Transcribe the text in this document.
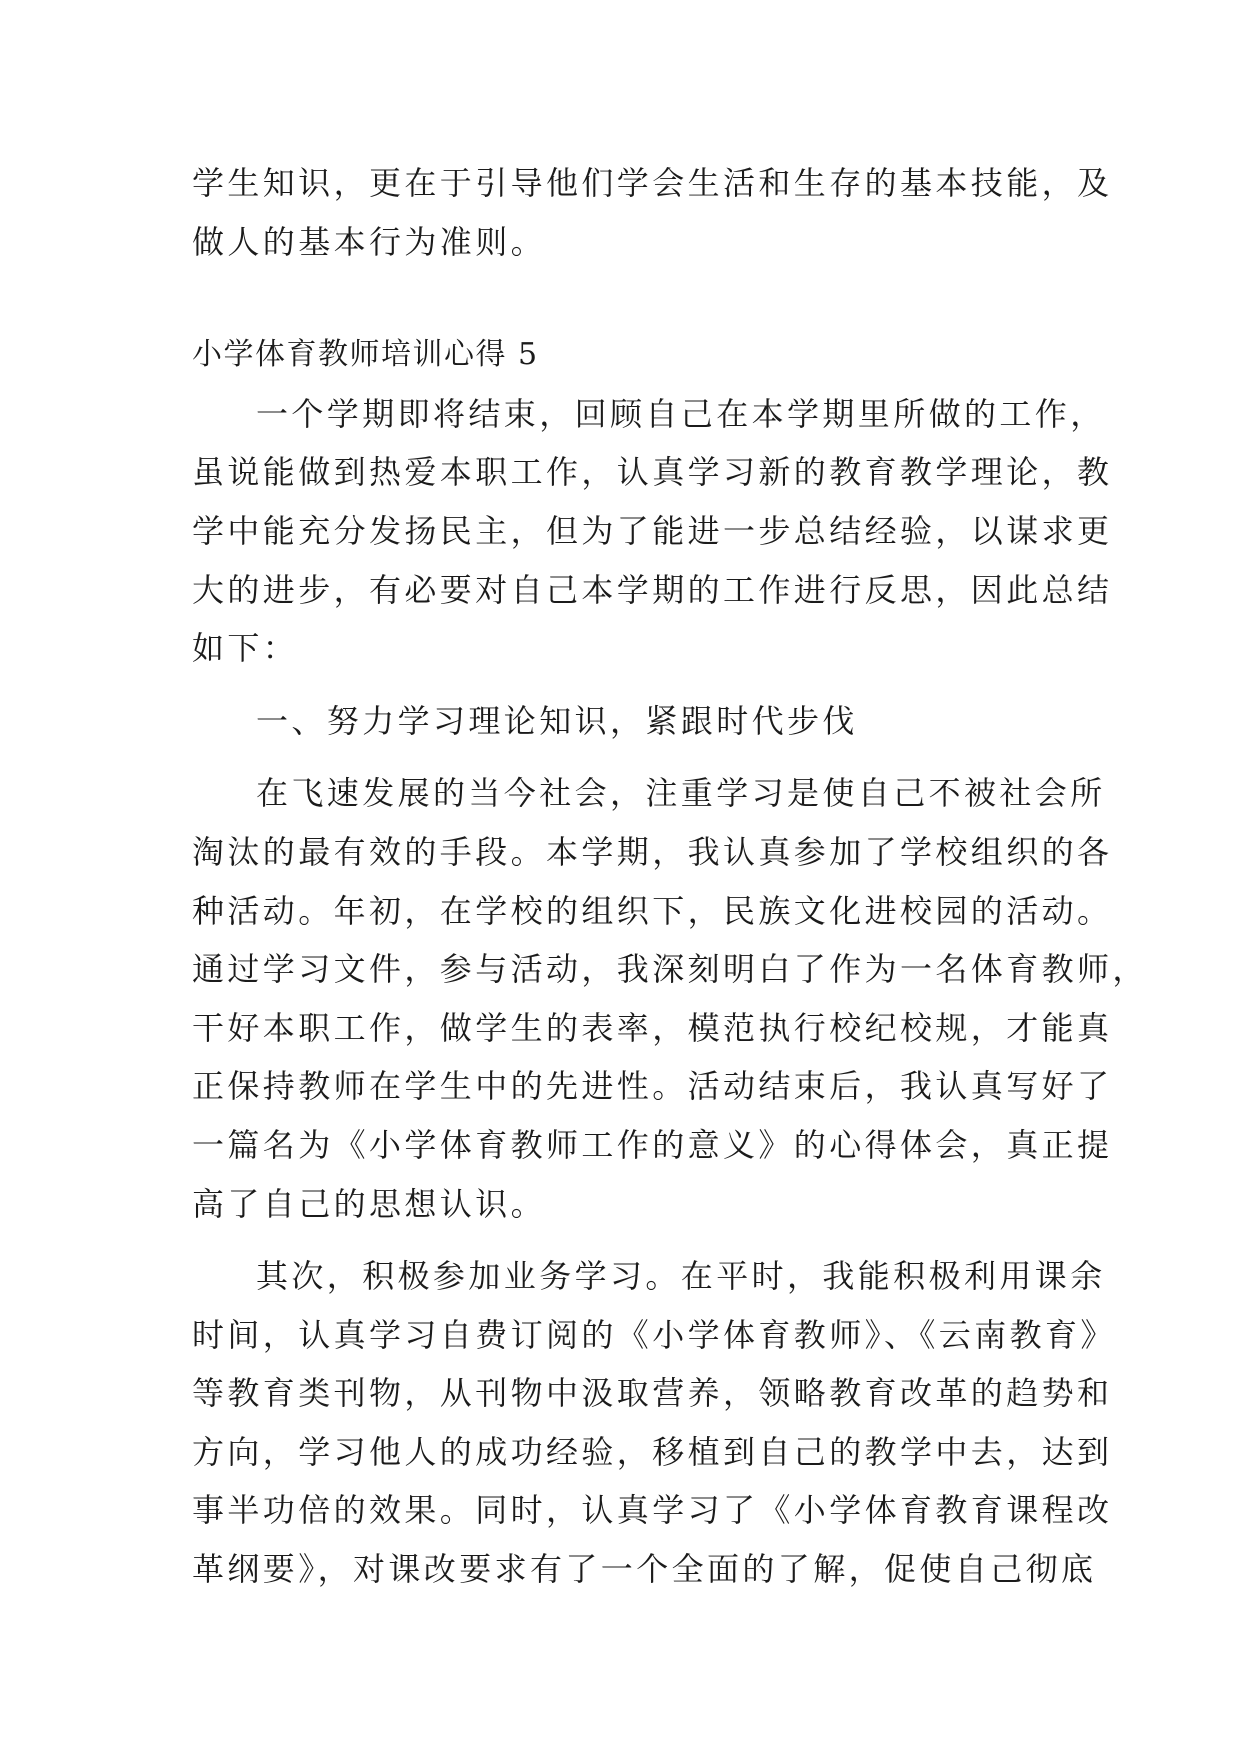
学生知识，更在于引导他们学会生活和生存的基本技能，及
做人的基本行为准则。
小学体育教师培训心得 5
一个学期即将结束，回顾自己在本学期里所做的工作，
虽说能做到热爱本职工作，认真学习新的教育教学理论，教
学中能充分发扬民主，但为了能进一步总结经验，以谋求更
大的进步，有必要对自己本学期的工作进行反思，因此总结
如下：
一、努力学习理论知识，紧跟时代步伐
在飞速发展的当今社会，注重学习是使自己不被社会所
淘汰的最有效的手段。本学期，我认真参加了学校组织的各
种活动。年初，在学校的组织下，民族文化进校园的活动。
通过学习文件，参与活动，我深刻明白了作为一名体育教师，
干好本职工作，做学生的表率，模范执行校纪校规，才能真
正保持教师在学生中的先进性。活动结束后，我认真写好了
一篇名为《小学体育教师工作的意义》的心得体会，真正提
高了自己的思想认识。
其次，积极参加业务学习。在平时，我能积极利用课余
时间，认真学习自费订阅的《小学体育教师》、《云南教育》
等教育类刊物，从刊物中汲取营养，领略教育改革的趋势和
方向，学习他人的成功经验，移植到自己的教学中去，达到
事半功倍的效果。同时，认真学习了《小学体育教育课程改
革纲要》，对课改要求有了一个全面的了解，促使自己彻底
